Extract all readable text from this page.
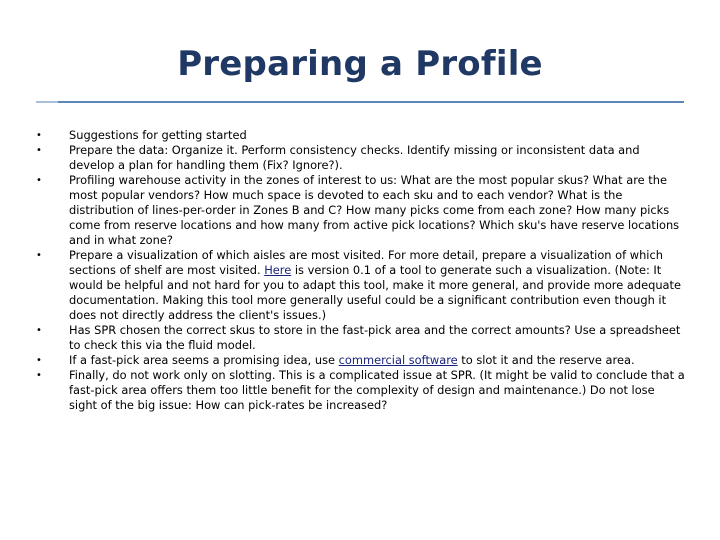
Preparing a Profile
•	Suggestions for getting started
•	Prepare the data: Organize it. Perform consistency checks. Identify missing or inconsistent data and develop a plan for handling them (Fix? Ignore?).
•	Profiling warehouse activity in the zones of interest to us: What are the most popular skus? What are the most popular vendors? How much space is devoted to each sku and to each vendor? What is the distribution of lines-per-order in Zones B and C? How many picks come from each zone? How many picks come from reserve locations and how many from active pick locations? Which sku's have reserve locations and in what zone?
•	Prepare a visualization of which aisles are most visited. For more detail, prepare a visualization of which sections of shelf are most visited. Here is version 0.1 of a tool to generate such a visualization. (Note: It would be helpful and not hard for you to adapt this tool, make it more general, and provide more adequate documentation. Making this tool more generally useful could be a significant contribution even though it does not directly address the client's issues.)
•	Has SPR chosen the correct skus to store in the fast-pick area and the correct amounts? Use a spreadsheet to check this via the fluid model.
•	If a fast-pick area seems a promising idea, use commercial software to slot it and the reserve area.
•	Finally, do not work only on slotting. This is a complicated issue at SPR. (It might be valid to conclude that a fast-pick area offers them too little benefit for the complexity of design and maintenance.) Do not lose sight of the big issue: How can pick-rates be increased?
